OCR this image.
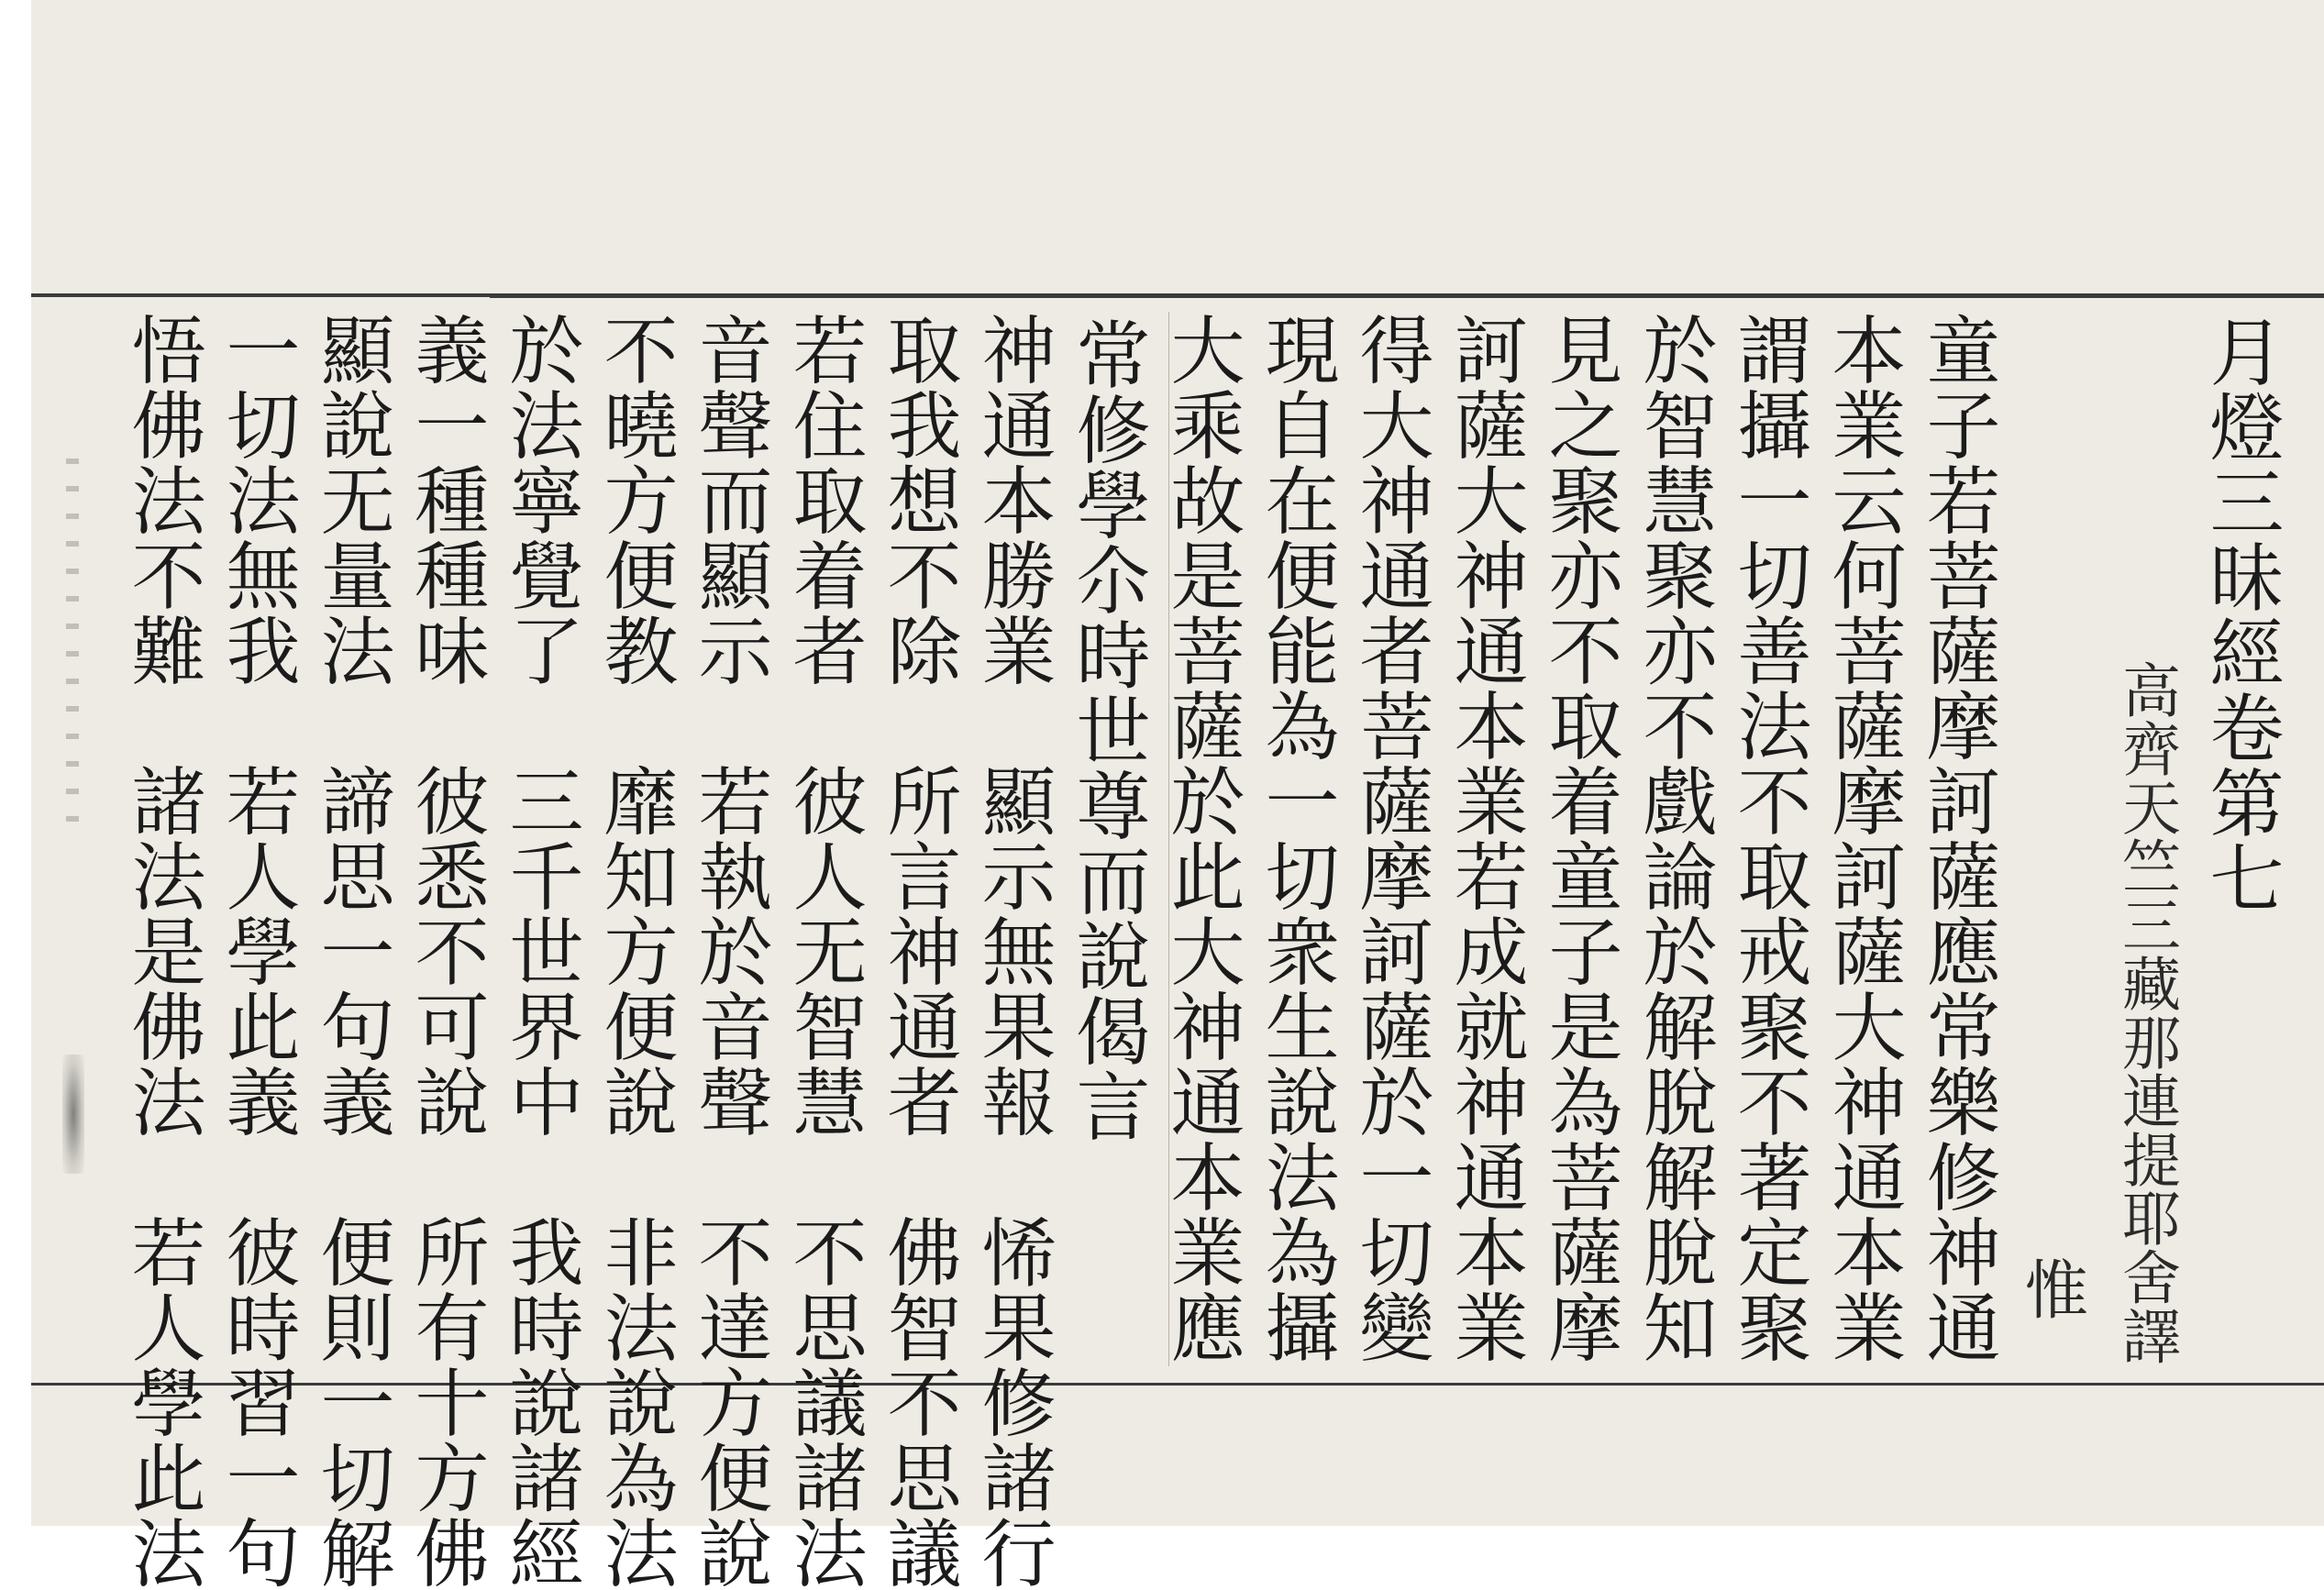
月燈三昧經卷第七
高齊天竺三藏那連提耶舍譯
惟
童子若菩薩摩訶薩應常樂修神通
本業云何菩薩摩訶薩大神通本業
謂攝一切善法不取戒聚不著定聚
於智慧聚亦不戲論於解脫解脫知
見之聚亦不取着童子是為菩薩摩
訶薩大神通本業若成就神通本業
得大神通者菩薩摩訶薩於一切變
現自在便能為一切衆生說法為攝
大乘故是菩薩於此大神通本業應
常修學尒時世尊而說偈言
神通本勝業　顯示無果報　悕果修諸行
取我想不除　所言神通者　佛智不思議
若住取着者　彼人无智慧　不思議諸法
音聲而顯示　若執於音聲　不達方便說
不曉方便教　靡知方便說　非法說為法
於法寧覺了　三千世界中　我時說諸經
義一種種味　彼悉不可說　所有十方佛
顯說无量法　諦思一句義　便則一切解
一切法無我　若人學此義　彼時習一句
悟佛法不難　諸法是佛法　若人學此法
